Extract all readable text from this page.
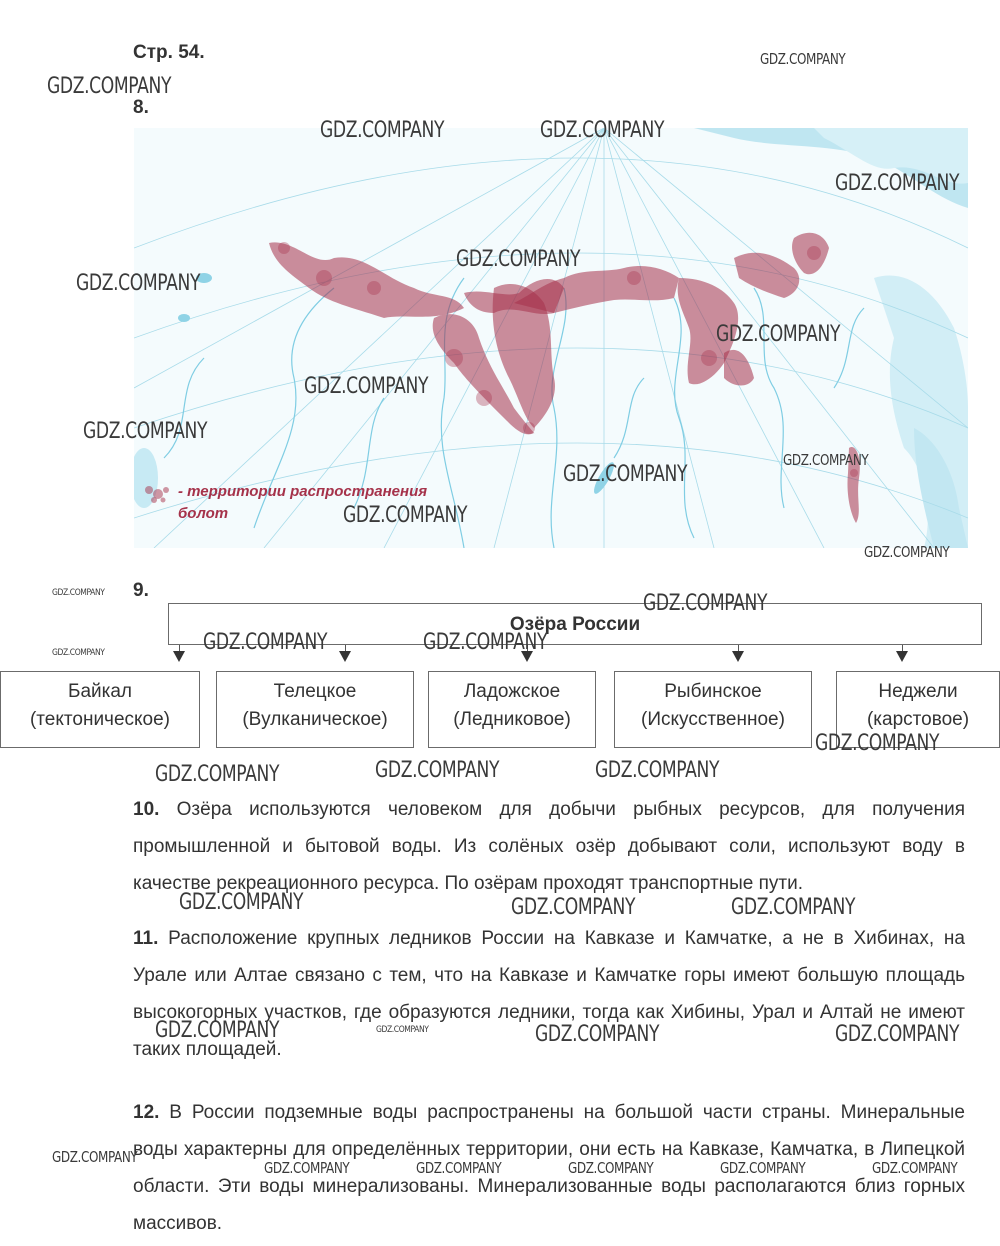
Стр. 54.
8.
- территории распространения болот
9.
Озёра России
Байкал
(тектоническое)
Телецкое
(Вулканическое)
Ладожское
(Ледниковое)
Рыбинское
(Искусственное)
Неджели
(карстовое)
10. Озёра используются человеком для добычи рыбных ресурсов, для получения промышленной и бытовой воды. Из солёных озёр добывают соли, используют воду в качестве рекреационного ресурса. По озёрам проходят транспортные пути.
11. Расположение крупных ледников России на Кавказе и Камчатке, а не в Хибинах, на Урале или Алтае связано с тем, что на Кавказе и Камчатке горы имеют большую площадь высокогорных участков, где образуются ледники, тогда как Хибины, Урал и Алтай не имеют таких площадей.
12. В России подземные воды распространены на большой части страны. Минеральные воды характерны для определённых территории, они есть на Кавказе, Камчатка, в Липецкой области. Эти воды минерализованы. Минерализованные воды располагаются близ горных массивов.
GDZ.COMPANY
GDZ.COMPANY
GDZ.COMPANY	GDZ.COMPANY
GDZ.COMPANY
GDZ.COMPANY
GDZ.COMPANY
GDZ.COMPANY
GDZ.COMPANY
GDZ.COMPANY
GDZ.COMPANY
GDZ.COMPANY
GDZ.COMPANY
GDZ.COMPANY
GDZ.COMPANY	GDZ.COMPANY
GDZ.COMPANY	GDZ.COMPANY
GDZ.COMPANY
GDZ.COMPANY
GDZ.COMPANY	GDZ.COMPANY	GDZ.COMPANY
GDZ.COMPANY	GDZ.COMPANY	GDZ.COMPANY
GDZ.COMPANY	GDZ.COMPANY	GDZ.COMPANY	GDZ.COMPANY
GDZ.COMPANY
GDZ.COMPANY	GDZ.COMPANY	GDZ.COMPANY	GDZ.COMPANY	GDZ.COMPANY
